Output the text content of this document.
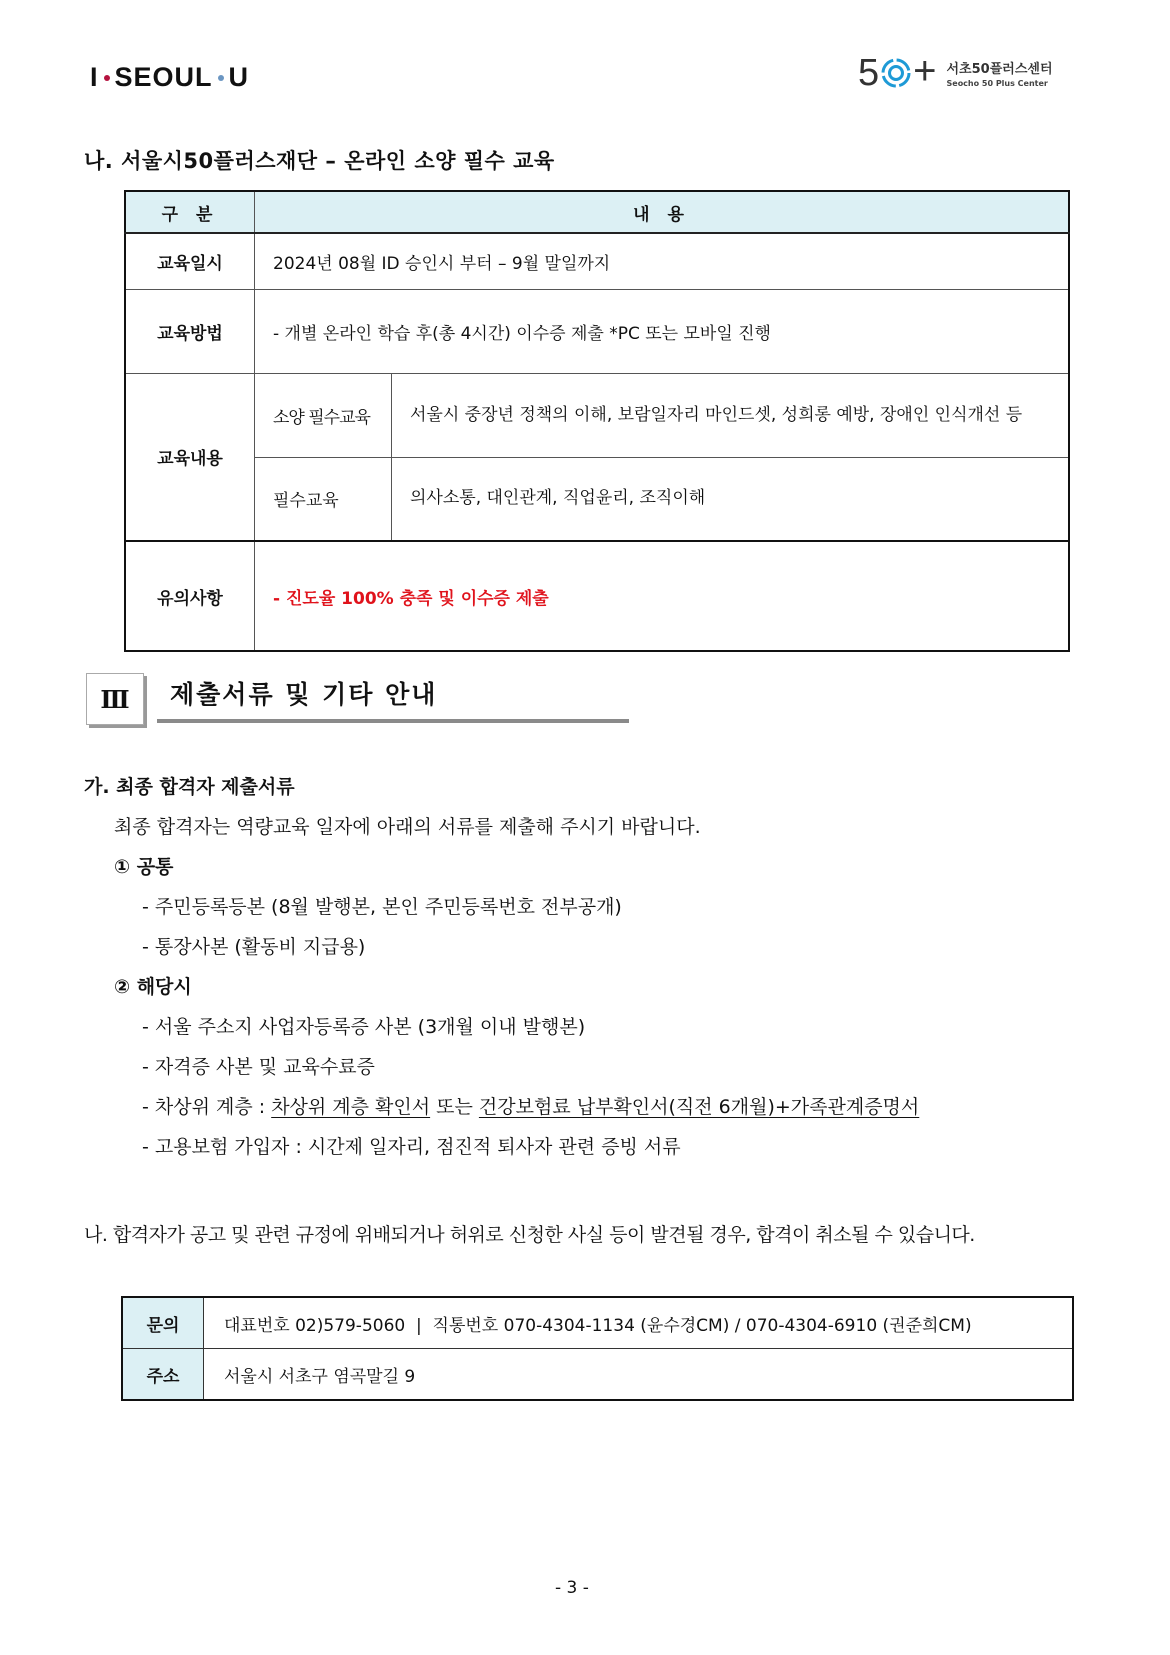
I SEOUL U	5 + 서초50플러스센터
Seocho 50 Plus Center
나. 서울시50플러스재단 – 온라인 소양 필수 교육
구 분	내 용	
교육일시	2024년 08월 ID 승인시 부터 – 9월 말일까지	
교육방법	- 개별 온라인 학습 후(총 4시간) 이수증 제출 *PC 또는 모바일 진행	
교육내용	소양 필수교육	서울시 중장년 정책의 이해, 보람일자리 마인드셋, 성희롱 예방, 장애인 인식개선 등
	필수교육	의사소통, 대인관계, 직업윤리, 조직이해
유의사항	- 진도율 100% 충족 및 이수증 제출	
Ⅲ	제출서류 및 기타 안내
가. 최종 합격자 제출서류
최종 합격자는 역량교육 일자에 아래의 서류를 제출해 주시기 바랍니다.
① 공통
- 주민등록등본 (8월 발행본, 본인 주민등록번호 전부공개)
- 통장사본 (활동비 지급용)
② 해당시
- 서울 주소지 사업자등록증 사본 (3개월 이내 발행본)
- 자격증 사본 및 교육수료증
- 차상위 계층 : 차상위 계층 확인서 또는 건강보험료 납부확인서(직전 6개월)+가족관계증명서
- 고용보험 가입자 : 시간제 일자리, 점진적 퇴사자 관련 증빙 서류
나. 합격자가 공고 및 관련 규정에 위배되거나 허위로 신청한 사실 등이 발견될 경우, 합격이 취소될 수 있습니다.
문의	대표번호 02)579-5060  |  직통번호 070-4304-1134 (윤수경CM) / 070-4304-6910 (권준희CM)
주소	서울시 서초구 염곡말길 9
- 3 -
